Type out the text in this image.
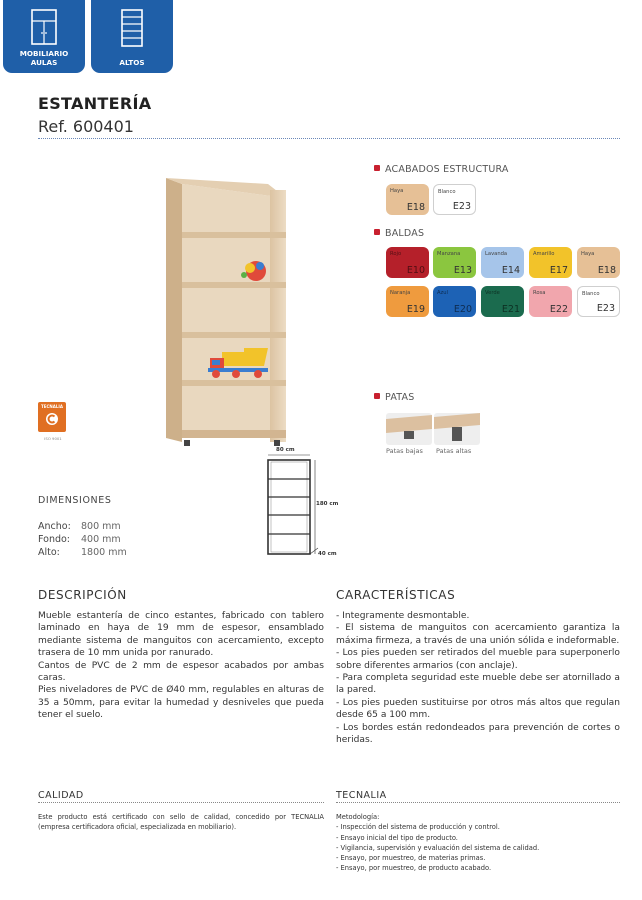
MOBILIARIO
AULAS	ALTOS
ESTANTERÍA
Ref. 600401
TECNALIA
ISO 9001
ACABADOS ESTRUCTURA
Haya
E18
Blanco
E23
BALDAS
Rojo
E10
Manzana
E13
Lavanda
E14
Amarillo
E17
Haya
E18
Naranja
E19
Azul
E20
Verde
E21
Rosa
E22
Blanco
E23
PATAS
Patas bajas Patas altas
80 cm
180 cm
40 cm
DIMENSIONES
Ancho: 800 mm
Fondo: 400 mm
Alto: 1800 mm
DESCRIPCIÓN

Mueble estantería de cinco estantes, fabricado con tablero laminado en haya de 19 mm de espesor, ensamblado mediante sistema de manguitos con acercamiento, excepto trasera de 10 mm unida por ranurado.

Cantos de PVC de 2 mm de espesor acabados por ambas caras.

Pies niveladores de PVC de Ø40 mm, regulables en alturas de 35 a 50mm, para evitar la humedad y desniveles que pueda tener el suelo.

CARACTERÍSTICAS

- Integramente desmontable.

- El sistema de manguitos con acercamiento garantiza la máxima firmeza, a través de una unión sólida e indeformable.

- Los pies pueden ser retirados del mueble para superponerlo sobre diferentes armarios (con anclaje).

- Para completa seguridad este mueble debe ser atornillado a la pared.

- Los pies pueden sustituirse por otros más altos que regulan desde 65 a 100 mm.

- Los bordes están redondeados para prevención de cortes o heridas.

CALIDAD
Este producto está certificado con sello de calidad, concedido por TECNALIA (empresa certificadora oficial, especializada en mobiliario).
TECNALIA

Metodología:

- Inspección del sistema de producción y control.

- Ensayo inicial del tipo de producto.

- Vigilancia, supervisión y evaluación del sistema de calidad.

- Ensayo, por muestreo, de materias primas.

- Ensayo, por muestreo, de producto acabado.
